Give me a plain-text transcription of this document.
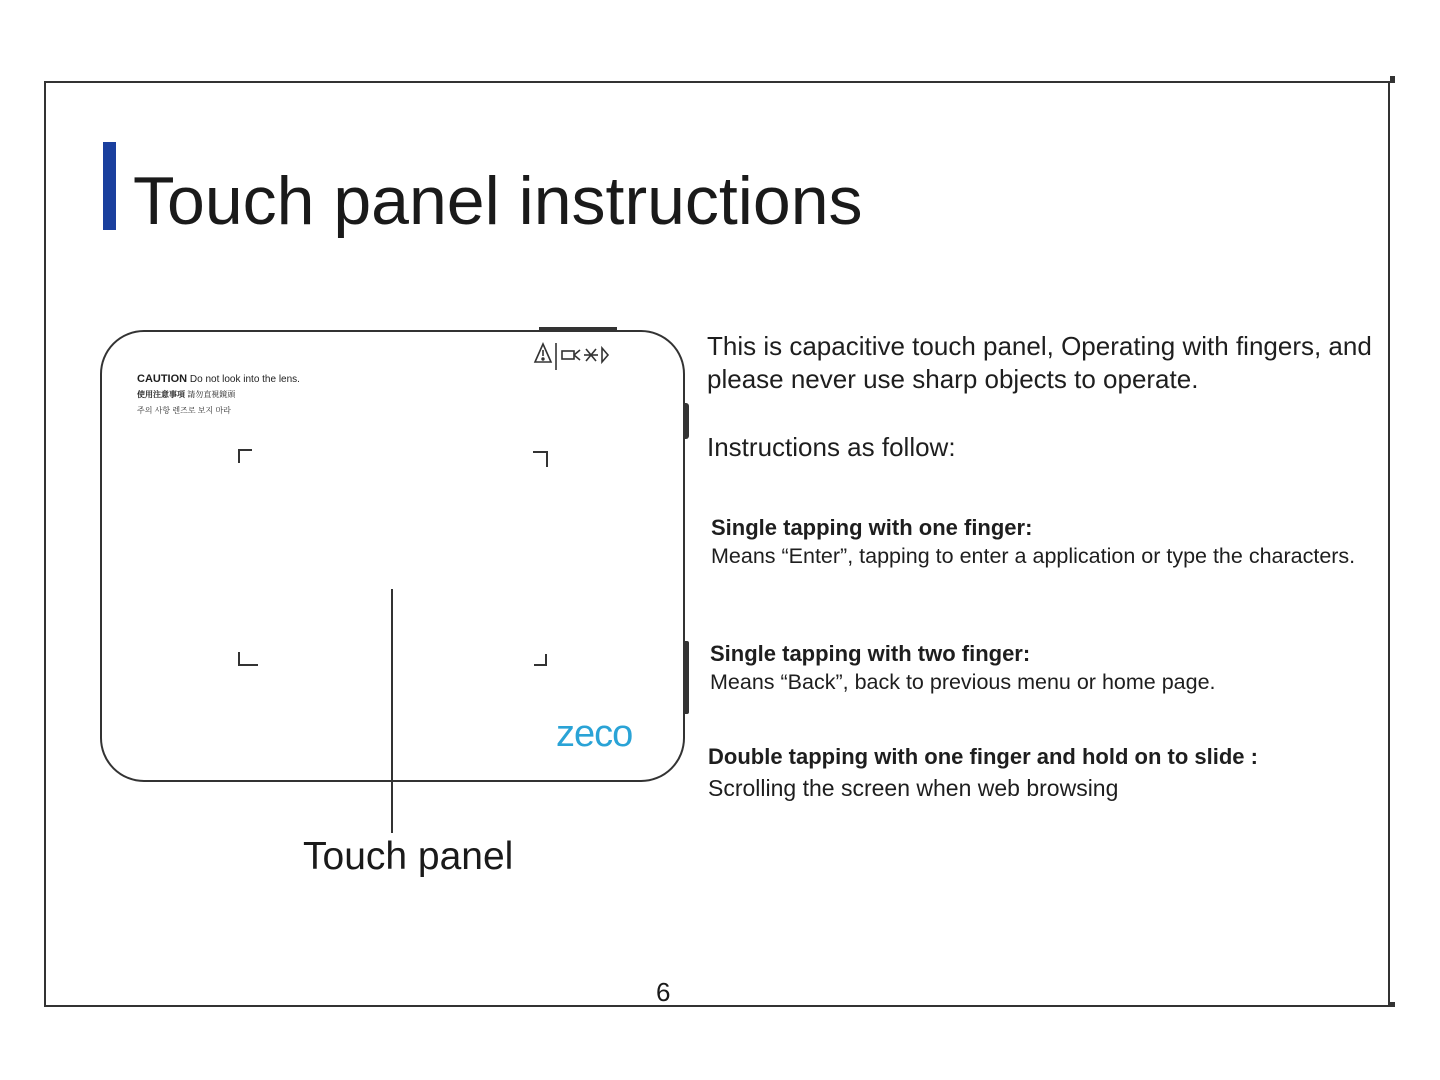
Touch panel instructions
CAUTION Do not look into the lens.
使用注意事項 請勿直視鏡頭
주의 사항 렌즈로 보지 마라
zeco
Touch panel
This is capacitive touch panel, Operating with fingers, and please never use sharp objects to operate.
Instructions as follow:
Single tapping with one finger:
Means “Enter”, tapping to enter a application or type the characters.
Single tapping with two finger:
Means “Back”, back to previous menu or home page.
Double tapping with one finger and hold on to slide :
Scrolling the screen when web browsing
6
